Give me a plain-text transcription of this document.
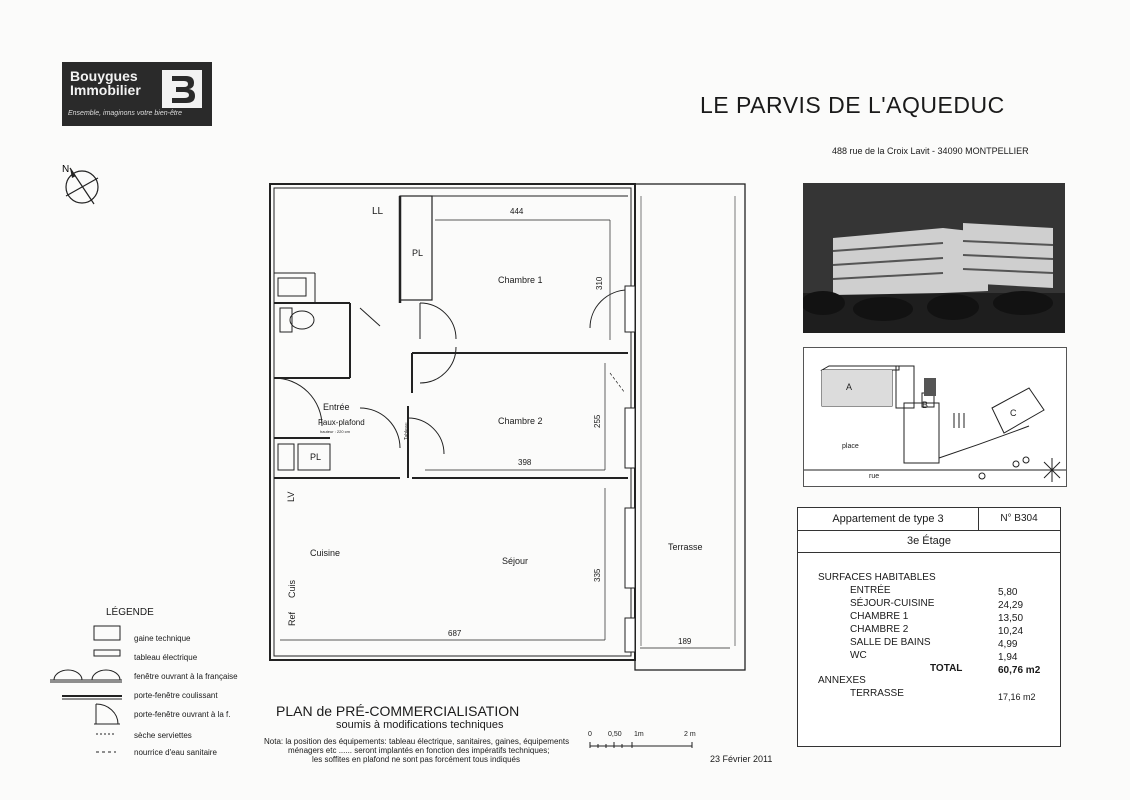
Bouygues
Immobilier
Ensemble, imaginons votre bien-être	LE PARVIS DE L'AQUEDUC
488 rue de la Croix Lavit - 34090 MONTPELLIER
N
LL
PL
Chambre 1
Chambre 2
Entrée
Faux-plafond
hauteur : 220 cm
PL
Cuisine
Séjour
Terrasse
LV
Cuis
Ref
Tableau
444
310
398
255
335
687
189
A
B
C
place
rue
Appartement de type 3	N° B304
3e Étage
SURFACES HABITABLES
ENTRÉE	5,80
SÉJOUR-CUISINE	24,29
CHAMBRE 1	13,50
CHAMBRE 2	10,24
SALLE DE BAINS	4,99
WC	1,94
TOTAL	60,76 m2
ANNEXES
TERRASSE	17,16 m2
LÉGENDE
gaine technique
tableau électrique
fenêtre ouvrant à la française
porte-fenêtre coulissant
porte-fenêtre ouvrant à la f.
sèche serviettes
nourrice d'eau sanitaire
PLAN de PRÉ-COMMERCIALISATION
soumis à modifications techniques
Nota: la position des équipements: tableau électrique, sanitaires, gaines, équipements
ménagers etc ...... seront implantés en fonction des impératifs techniques;
les soffites en plafond ne sont pas forcément tous indiqués
0 0,50 1m	2 m
23 Février 2011
